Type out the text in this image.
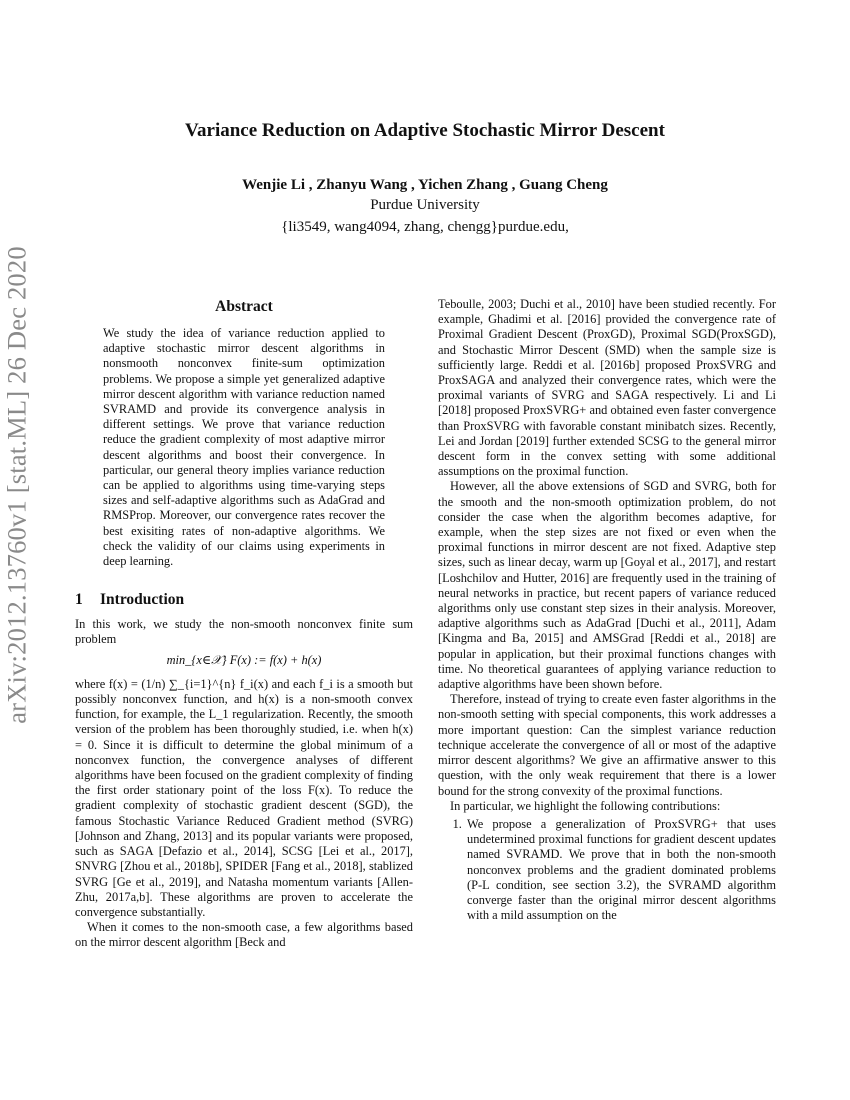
arXiv:2012.13760v1 [stat.ML] 26 Dec 2020
Variance Reduction on Adaptive Stochastic Mirror Descent
Wenjie Li , Zhanyu Wang , Yichen Zhang , Guang Cheng
Purdue University
{li3549, wang4094, zhang, chengg}purdue.edu,
Abstract

We study the idea of variance reduction applied to adaptive stochastic mirror descent algorithms in nonsmooth nonconvex finite-sum optimization problems. We propose a simple yet generalized adaptive mirror descent algorithm with variance reduction named SVRAMD and provide its convergence analysis in different settings. We prove that variance reduction reduce the gradient complexity of most adaptive mirror descent algorithms and boost their convergence. In particular, our general theory implies variance reduction can be applied to algorithms using time-varying steps sizes and self-adaptive algorithms such as AdaGrad and RMSProp. Moreover, our convergence rates recover the best exisiting rates of non-adaptive algorithms. We check the validity of our claims using experiments in deep learning.

1 Introduction

In this work, we study the non-smooth nonconvex finite sum problem

min_{x∈𝒳} F(x) := f(x) + h(x)

where f(x) = (1/n) ∑_{i=1}^{n} f_i(x) and each f_i is a smooth but possibly nonconvex function, and h(x) is a non-smooth convex function, for example, the L_1 regularization. Recently, the smooth version of the problem has been thoroughly studied, i.e. when h(x) = 0. Since it is difficult to determine the global minimum of a nonconvex function, the convergence analyses of different algorithms have been focused on the gradient complexity of finding the first order stationary point of the loss F(x). To reduce the gradient complexity of stochastic gradient descent (SGD), the famous Stochastic Variance Reduced Gradient method (SVRG) [Johnson and Zhang, 2013] and its popular variants were proposed, such as SAGA [Defazio et al., 2014], SCSG [Lei et al., 2017], SNVRG [Zhou et al., 2018b], SPIDER [Fang et al., 2018], stablized SVRG [Ge et al., 2019], and Natasha momentum variants [Allen-Zhu, 2017a,b]. These algorithms are proven to accelerate the convergence substantially.

When it comes to the non-smooth case, a few algorithms based on the mirror descent algorithm [Beck and

Teboulle, 2003; Duchi et al., 2010] have been studied recently. For example, Ghadimi et al. [2016] provided the convergence rate of Proximal Gradient Descent (ProxGD), Proximal SGD(ProxSGD), and Stochastic Mirror Descent (SMD) when the sample size is sufficiently large. Reddi et al. [2016b] proposed ProxSVRG and ProxSAGA and analyzed their convergence rates, which were the proximal variants of SVRG and SAGA respectively. Li and Li [2018] proposed ProxSVRG+ and obtained even faster convergence than ProxSVRG with favorable constant minibatch sizes. Recently, Lei and Jordan [2019] further extended SCSG to the general mirror descent form in the convex setting with some additional assumptions on the proximal function.

However, all the above extensions of SGD and SVRG, both for the smooth and the non-smooth optimization problem, do not consider the case when the algorithm becomes adaptive, for example, when the step sizes are not fixed or even when the proximal functions in mirror descent are not fixed. Adaptive step sizes, such as linear decay, warm up [Goyal et al., 2017], and restart [Loshchilov and Hutter, 2016] are frequently used in the training of neural networks in practice, but recent papers of variance reduced algorithms only use constant step sizes in their analysis. Moreover, adaptive algorithms such as AdaGrad [Duchi et al., 2011], Adam [Kingma and Ba, 2015] and AMSGrad [Reddi et al., 2018] are popular in application, but their proximal functions changes with time. No theoretical guarantees of applying variance reduction to adaptive algorithms have been shown before.

Therefore, instead of trying to create even faster algorithms in the non-smooth setting with special components, this work addresses a more important question: Can the simplest variance reduction technique accelerate the convergence of all or most of the adaptive mirror descent algorithms? We give an affirmative answer to this question, with the only weak requirement that there is a lower bound for the strong convexity of the proximal functions.

In particular, we highlight the following contributions:

1. We propose a generalization of ProxSVRG+ that uses undetermined proximal functions for gradient descent updates named SVRAMD. We prove that in both the non-smooth nonconvex problems and the gradient dominated problems (P-L condition, see section 3.2), the SVRAMD algorithm converge faster than the original mirror descent algorithms with a mild assumption on the
